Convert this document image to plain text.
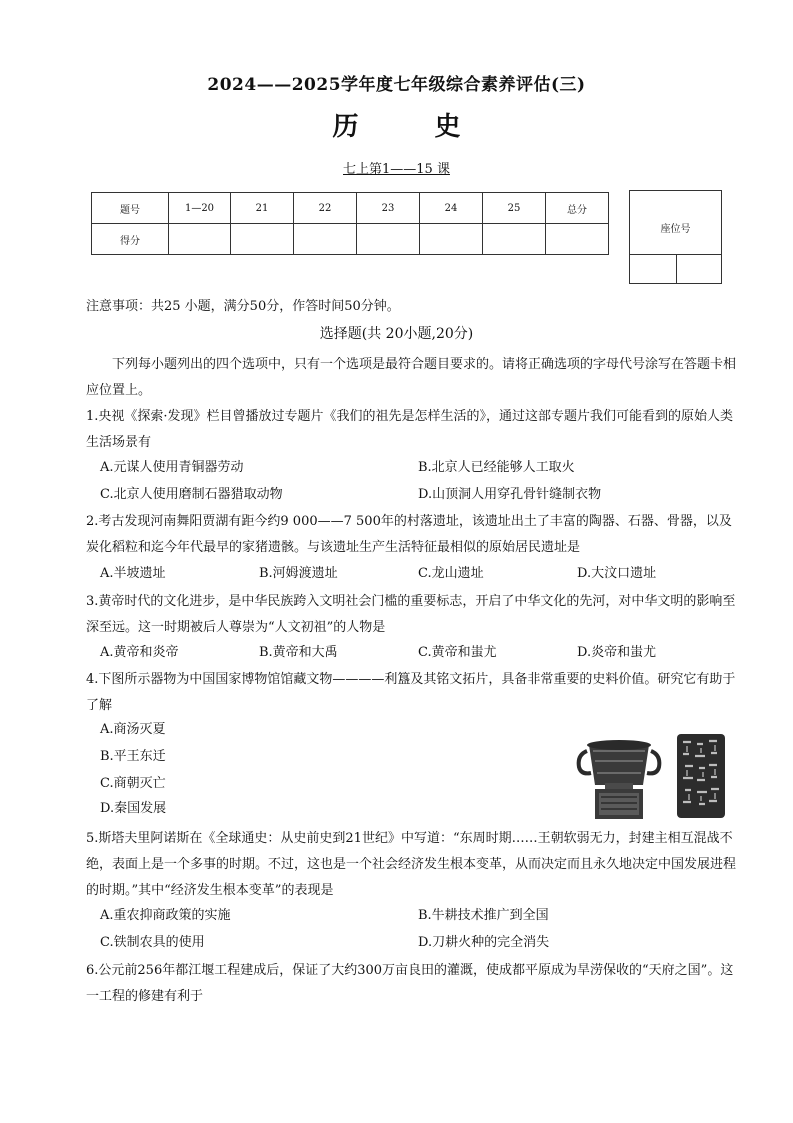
2024——2025学年度七年级综合素养评估(三)
历	史
七上第1——15 课
题号	1—20	21	22	23	24	25	总分
得分							
座位号
注意事项：共25 小题，满分50分，作答时间50分钟。
选择题(共 20小题,20分)
下列每小题列出的四个选项中，只有一个选项是最符合题目要求的。请将正确选项的字母代号涂写在答题卡相应位置上。
1.央视《探索·发现》栏目曾播放过专题片《我们的祖先是怎样生活的》，通过这部专题片我们可能看到的原始人类生活场景有
A.元谋人使用青铜器劳动	B.北京人已经能够人工取火
C.北京人使用磨制石器猎取动物	D.山顶洞人用穿孔骨针缝制衣物
2.考古发现河南舞阳贾湖有距今约9 000——7 500年的村落遗址，该遗址出土了丰富的陶器、石器、骨器，以及炭化稻粒和迄今年代最早的家猪遗骸。与该遗址生产生活特征最相似的原始居民遗址是
A.半坡遗址	B.河姆渡遗址	C.龙山遗址	D.大汶口遗址
3.黄帝时代的文化进步，是中华民族跨入文明社会门槛的重要标志，开启了中华文化的先河，对中华文明的影响至深至远。这一时期被后人尊崇为“人文初祖”的人物是
A.黄帝和炎帝	B.黄帝和大禹	C.黄帝和蚩尤	D.炎帝和蚩尤
4.下图所示器物为中国国家博物馆馆藏文物————利簋及其铭文拓片，具备非常重要的史料价值。研究它有助于了解
A.商汤灭夏
B.平王东迁
C.商朝灭亡
D.秦国发展
5.斯塔夫里阿诺斯在《全球通史：从史前史到21世纪》中写道：“东周时期……王朝软弱无力，封建主相互混战不绝，表面上是一个多事的时期。不过，这也是一个社会经济发生根本变革，从而决定而且永久地决定中国发展进程的时期。”其中“经济发生根本变革”的表现是
A.重农抑商政策的实施	B.牛耕技术推广到全国
C.铁制农具的使用	D.刀耕火种的完全消失
6.公元前256年都江堰工程建成后，保证了大约300万亩良田的灌溉，使成都平原成为旱涝保收的“天府之国”。这一工程的修建有利于
